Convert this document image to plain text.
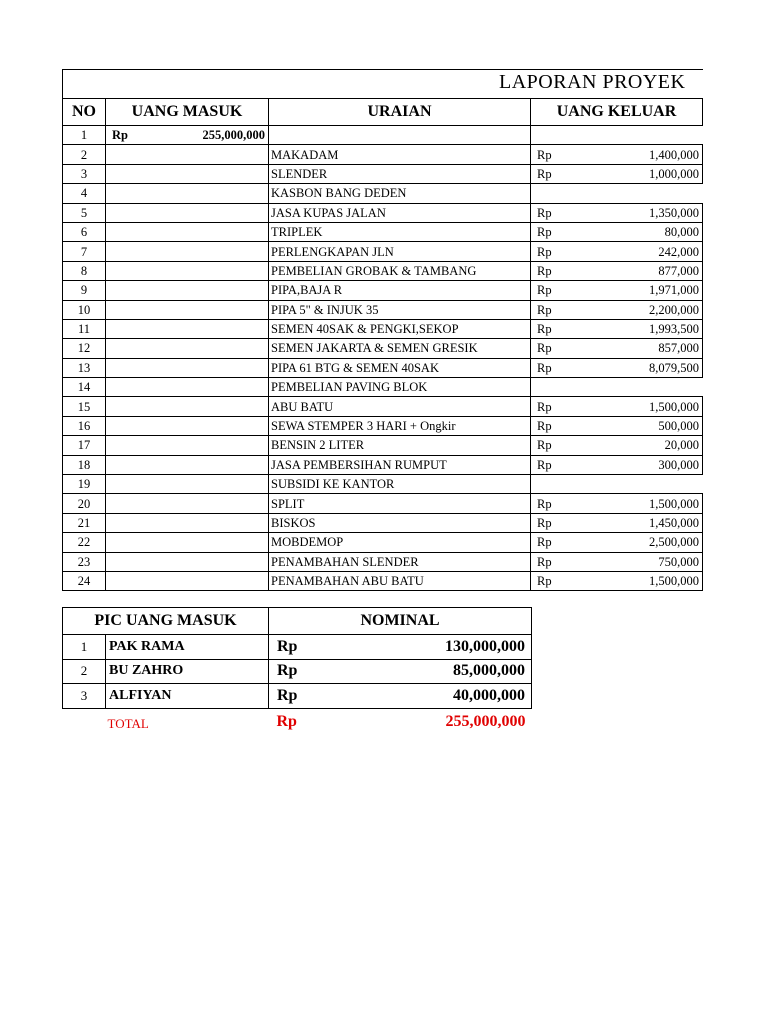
LAPORAN PROYEK			

NO	UANG MASUK	URAIAN	UANG KELUAR
1	Rp 255,000,000		

2		MAKADAM	Rp 1,400,000

3		SLENDER	Rp 1,000,000

4		KASBON BANG DEDEN	
5		JASA KUPAS JALAN	Rp 1,350,000

6		TRIPLEK	Rp 80,000

7		PERLENGKAPAN JLN	Rp 242,000

8		PEMBELIAN GROBAK & TAMBANG	Rp 877,000

9		PIPA,BAJA R	Rp 1,971,000

10		PIPA 5" & INJUK 35	Rp 2,200,000

11		SEMEN 40SAK & PENGKI,SEKOP	Rp 1,993,500

12		SEMEN JAKARTA & SEMEN GRESIK	Rp 857,000

13		PIPA 61 BTG & SEMEN 40SAK	Rp 8,079,500

14		PEMBELIAN PAVING BLOK	
15		ABU BATU	Rp 1,500,000

16		SEWA STEMPER 3 HARI + Ongkir	Rp 500,000

17		BENSIN 2 LITER	Rp 20,000

18		JASA PEMBERSIHAN RUMPUT	Rp 300,000

19		SUBSIDI KE KANTOR	
20		SPLIT	Rp 1,500,000

21		BISKOS	Rp 1,450,000

22		MOBDEMOP	Rp 2,500,000

23		PENAMBAHAN SLENDER	Rp 750,000

24		PENAMBAHAN ABU BATU	Rp 1,500,000
PIC UANG MASUK		NOMINAL
1	PAK RAMA	Rp 130,000,000

2	BU ZAHRO	Rp 85,000,000

3	ALFIYAN	Rp 40,000,000

TOTAL		Rp 255,000,000
